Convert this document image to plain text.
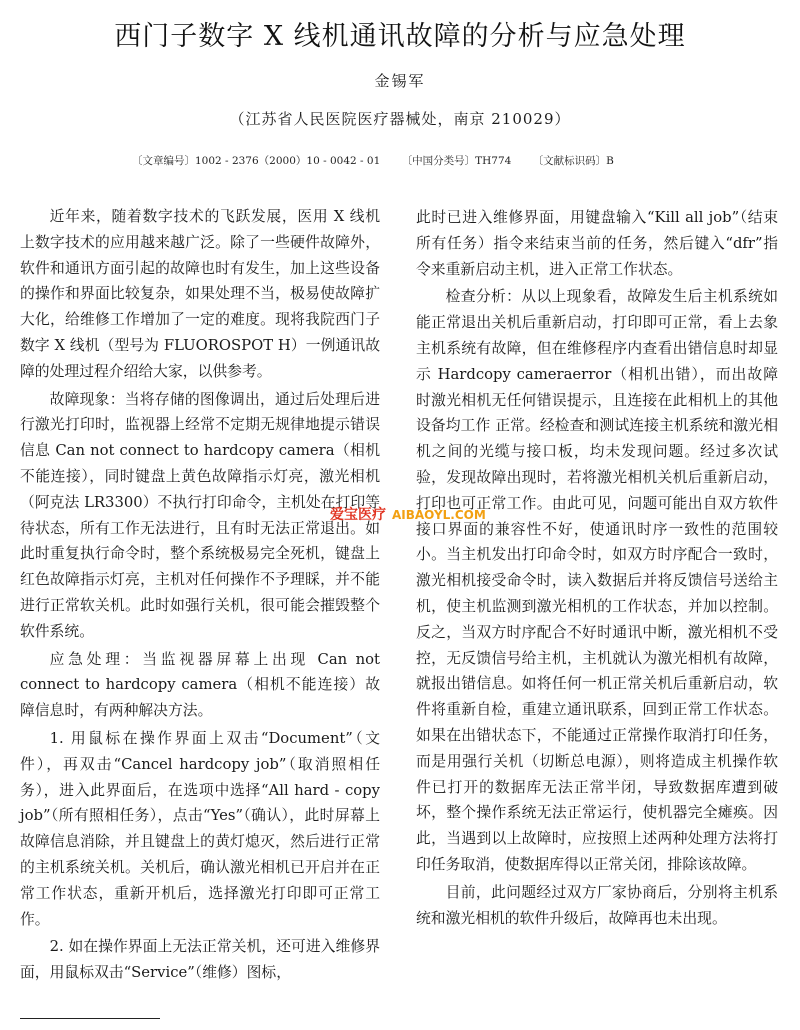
西门子数字 X 线机通讯故障的分析与应急处理
金锡军
（江苏省人民医院医疗器械处，南京 210029）
〔文章编号〕1002 - 2376（2000）10 - 0042 - 01 〔中国分类号〕TH774 〔文献标识码〕B

近年来，随着数字技术的飞跃发展，医用 X 线机上数字技术的应用越来越广泛。除了一些硬件故障外，软件和通讯方面引起的故障也时有发生，加上这些设备的操作和界面比较复杂，如果处理不当，极易使故障扩大化，给维修工作增加了一定的难度。现将我院西门子数字 X 线机（型号为 FLUOROSPOT H）一例通讯故障的处理过程介绍给大家，以供参考。

故障现象：当将存储的图像调出，通过后处理后进行激光打印时，监视器上经常不定期无规律地提示错误信息 Can not connect to hardcopy camera（相机不能连接），同时键盘上黄色故障指示灯亮，激光相机（阿克法 LR3300）不执行打印命令，主机处在打印等待状态，所有工作无法进行，且有时无法正常退出。如此时重复执行命令时，整个系统极易完全死机，键盘上红色故障指示灯亮，主机对任何操作不予理睬，并不能进行正常软关机。此时如强行关机，很可能会摧毁整个软件系统。

应急处理：当监视器屏幕上出现 Can not connect to hardcopy camera（相机不能连接）故障信息时，有两种解决方法。

1. 用鼠标在操作界面上双击“Document”（文件），再双击“Cancel hardcopy job”（取消照相任务），进入此界面后，在选项中选择“All hard - copy job”（所有照相任务），点击“Yes”（确认），此时屏幕上故障信息消除，并且键盘上的黄灯熄灭，然后进行正常的主机系统关机。关机后，确认激光相机已开启并在正常工作状态，重新开机后，选择激光打印即可正常工作。

2. 如在操作界面上无法正常关机，还可进入维修界面，用鼠标双击“Service”（维修）图标，

此时已进入维修界面，用键盘输入“Kill all job”（结束所有任务）指令来结束当前的任务，然后键入“dfr”指令来重新启动主机，进入正常工作状态。

检查分析：从以上现象看，故障发生后主机系统如能正常退出关机后重新启动，打印即可正常，看上去象主机系统有故障，但在维修程序内查看出错信息时却显示 Hardcopy cameraerror（相机出错），而出故障时激光相机无任何错误提示，且连接在此相机上的其他设备均工作 正常。经检查和测试连接主机系统和激光相机之间的光缆与接口板，均未发现问题。经过多次试验，发现故障出现时，若将激光相机关机后重新启动，打印也可正常工作。由此可见，问题可能出自双方软件接口界面的兼容性不好，使通讯时序一致性的范围较小。当主机发出打印命令时，如双方时序配合一致时，激光相机接受命令时，读入数据后并将反馈信号送给主机，使主机监测到激光相机的工作状态，并加以控制。反之，当双方时序配合不好时通讯中断，激光相机不受控，无反馈信号给主机，主机就认为激光相机有故障，就报出错信息。如将任何一机正常关机后重新启动，软件将重新自检，重建立通讯联系，回到正常工作状态。如果在出错状态下，不能通过正常操作取消打印任务，而是用强行关机（切断总电源），则将造成主机操作软件已打开的数据库无法正常半闭，导致数据库遭到破坏，整个操作系统无法正常运行，使机器完全瘫痪。因此，当遇到以上故障时，应按照上述两种处理方法将打印任务取消，使数据库得以正常关闭，排除该故障。

目前，此问题经过双方厂家协商后，分别将主机系统和激光相机的软件升级后，故障再也未出现。

爱宝医疗 AIBAOYL.COM
